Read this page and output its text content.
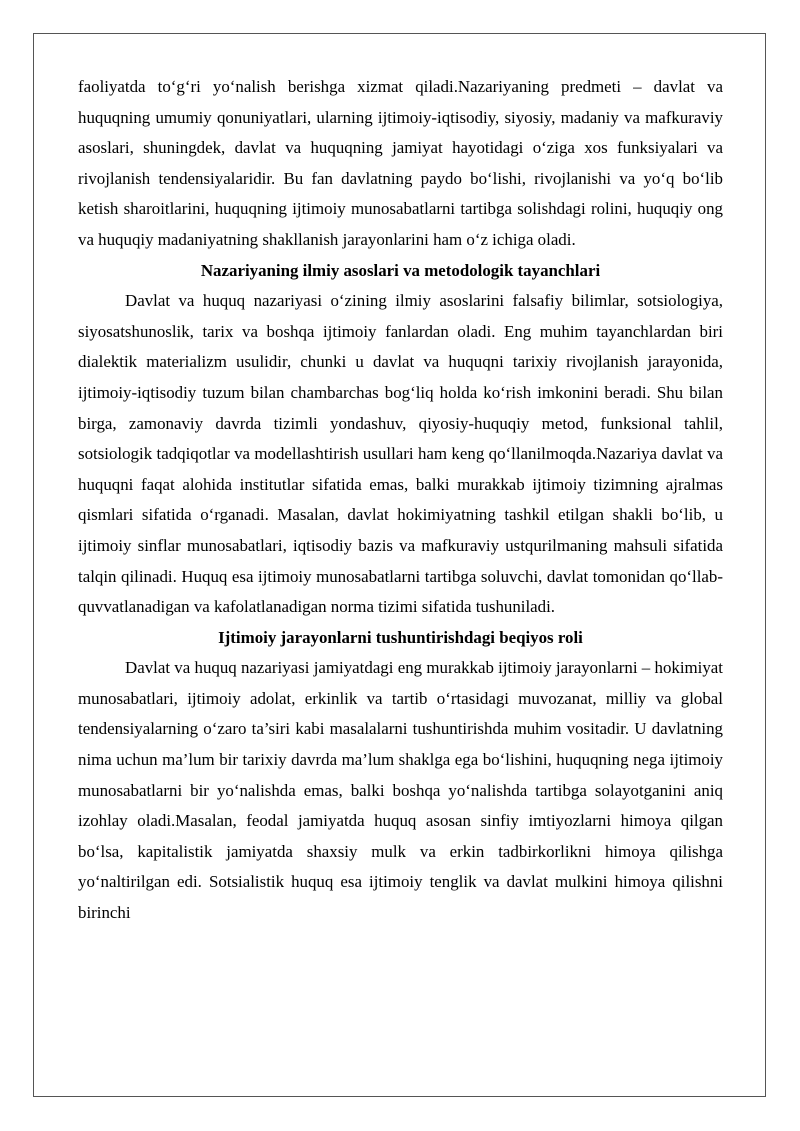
faoliyatda to‘g‘ri yo‘nalish berishga xizmat qiladi.Nazariyaning predmeti – davlat va huquqning umumiy qonuniyatlari, ularning ijtimoiy-iqtisodiy, siyosiy, madaniy va mafkuraviy asoslari, shuningdek, davlat va huquqning jamiyat hayotidagi o‘ziga xos funksiyalari va rivojlanish tendensiyalaridir. Bu fan davlatning paydo bo‘lishi, rivojlanishi va yo‘q bo‘lib ketish sharoitlarini, huquqning ijtimoiy munosabatlarni tartibga solishdagi rolini, huquqiy ong va huquqiy madaniyatning shakllanish jarayonlarini ham o‘z ichiga oladi.

Nazariyaning ilmiy asoslari va metodologik tayanchlari

Davlat va huquq nazariyasi o‘zining ilmiy asoslarini falsafiy bilimlar, sotsiologiya, siyosatshunoslik, tarix va boshqa ijtimoiy fanlardan oladi. Eng muhim tayanchlardan biri dialektik materializm usulidir, chunki u davlat va huquqni tarixiy rivojlanish jarayonida, ijtimoiy-iqtisodiy tuzum bilan chambarchas bog‘liq holda ko‘rish imkonini beradi. Shu bilan birga, zamonaviy davrda tizimli yondashuv, qiyosiy-huquqiy metod, funksional tahlil, sotsiologik tadqiqotlar va modellashtirish usullari ham keng qo‘llanilmoqda.Nazariya davlat va huquqni faqat alohida institutlar sifatida emas, balki murakkab ijtimoiy tizimning ajralmas qismlari sifatida o‘rganadi. Masalan, davlat hokimiyatning tashkil etilgan shakli bo‘lib, u ijtimoiy sinflar munosabatlari, iqtisodiy bazis va mafkuraviy ustqurilmaning mahsuli sifatida talqin qilinadi. Huquq esa ijtimoiy munosabatlarni tartibga soluvchi, davlat tomonidan qo‘llab-quvvatlanadigan va kafolatlanadigan norma tizimi sifatida tushuniladi.

Ijtimoiy jarayonlarni tushuntirishdagi beqiyos roli

Davlat va huquq nazariyasi jamiyatdagi eng murakkab ijtimoiy jarayonlarni – hokimiyat munosabatlari, ijtimoiy adolat, erkinlik va tartib o‘rtasidagi muvozanat, milliy va global tendensiyalarning o‘zaro ta’siri kabi masalalarni tushuntirishda muhim vositadir. U davlatning nima uchun ma’lum bir tarixiy davrda ma’lum shaklga ega bo‘lishini, huquqning nega ijtimoiy munosabatlarni bir yo‘nalishda emas, balki boshqa yo‘nalishda tartibga solayotganini aniq izohlay oladi.Masalan, feodal jamiyatda huquq asosan sinfiy imtiyozlarni himoya qilgan bo‘lsa, kapitalistik jamiyatda shaxsiy mulk va erkin tadbirkorlikni himoya qilishga yo‘naltirilgan edi. Sotsialistik huquq esa ijtimoiy tenglik va davlat mulkini himoya qilishni birinchi
